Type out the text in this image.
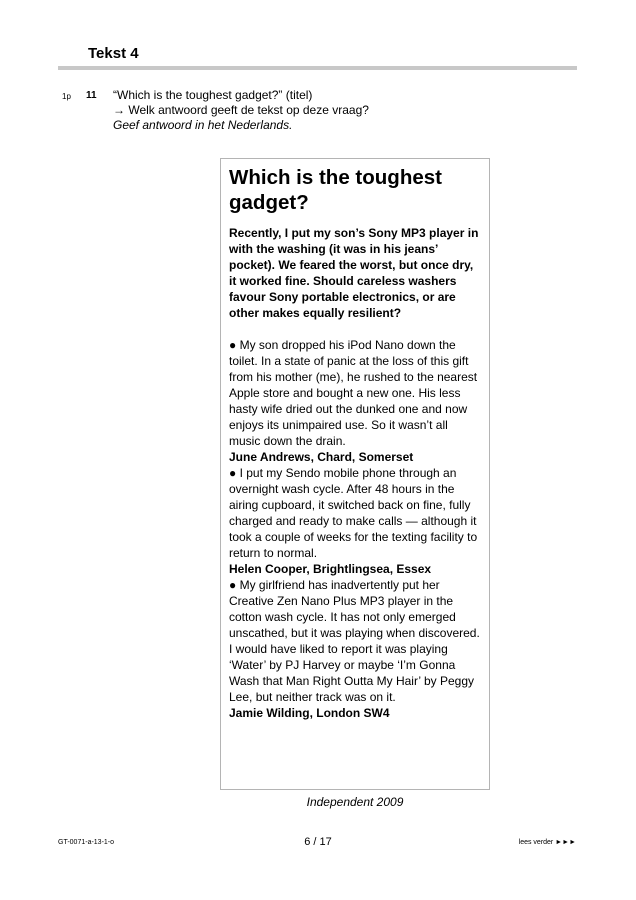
Tekst 4
1p 11 “Which is the toughest gadget?” (titel)
→ Welk antwoord geeft de tekst op deze vraag?
Geef antwoord in het Nederlands.
Which is the toughest gadget?
Recently, I put my son’s Sony MP3 player in with the washing (it was in his jeans’ pocket). We feared the worst, but once dry, it worked fine. Should careless washers favour Sony portable electronics, or are other makes equally resilient?

● My son dropped his iPod Nano down the toilet. In a state of panic at the loss of this gift from his mother (me), he rushed to the nearest Apple store and bought a new one. His less hasty wife dried out the dunked one and now enjoys its unimpaired use. So it wasn’t all music down the drain.

June Andrews, Chard, Somerset

● I put my Sendo mobile phone through an overnight wash cycle. After 48 hours in the airing cupboard, it switched back on fine, fully charged and ready to make calls — although it took a couple of weeks for the texting facility to return to normal.

Helen Cooper, Brightlingsea, Essex

● My girlfriend has inadvertently put her Creative Zen Nano Plus MP3 player in the cotton wash cycle. It has not only emerged unscathed, but it was playing when discovered. I would have liked to report it was playing ‘Water’ by PJ Harvey or maybe ‘I’m Gonna Wash that Man Right Outta My Hair’ by Peggy Lee, but neither track was on it.

Jamie Wilding, London SW4

Independent 2009
GT-0071-a-13-1-o	6 / 17	lees verder ►►►
